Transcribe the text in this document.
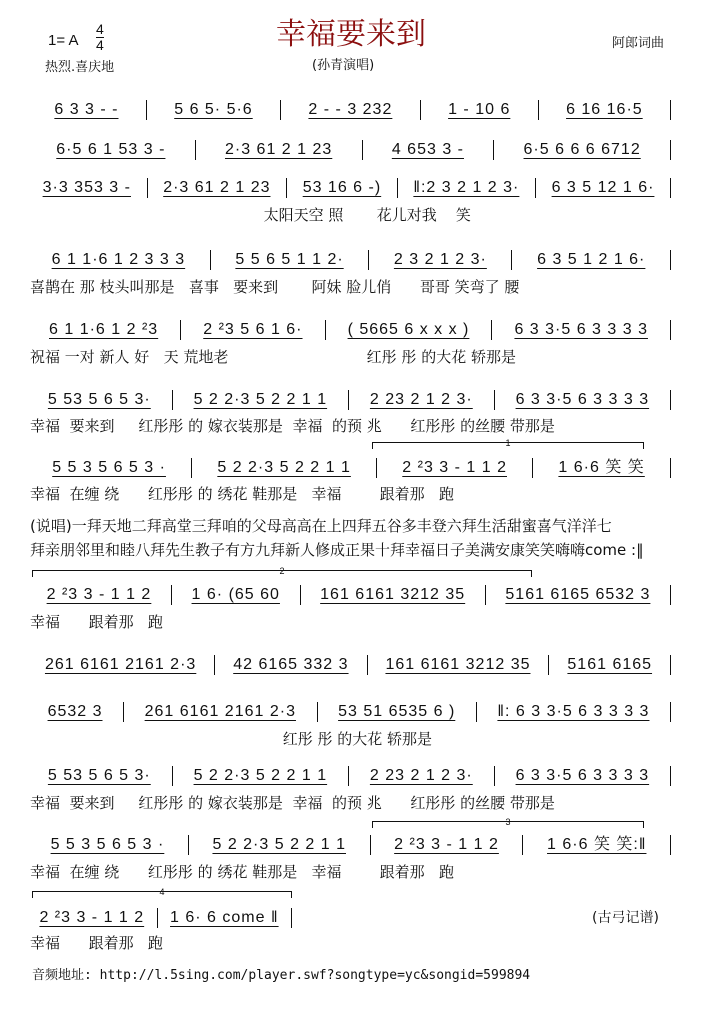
幸福要来到
1= A
4
4
热烈.喜庆地	(孙青演唱)
阿郎词曲
6 3 3 - -	5 6 5· 5·6	2 - - 3 232	1 - 10 6	6 16 16·5
6·5 6 1 53 3 -	2·3 61 2 1 23	4 653 3 -	6·5 6 6 6 6712
3·3 353 3 -	2·3 61 2 1 23	53 16 6 -)	‖:2 3 2 1 2 3·	6 3 5 12 1 6·
太阳天空 照       花儿对我    笑
6 1 1·6 1 2 3 3 3	5 5 6 5 1 1 2·	2 3 2 1 2 3·	6 3 5 1 2 1 6·
喜鹊在 那 枝头叫那是   喜事   要来到       阿妹 脸儿俏      哥哥 笑弯了 腰
6 1 1·6 1 2 ²3	2 ²3 5 6 1 6·	( 5665 6 x x x )	6 3 3·5 6 3 3 3 3
祝福 一对 新人 好   天 荒地老                             红彤 彤 的大花 轿那是
5 53 5 6 5 3·	5 2 2·3 5 2 2 1 1	2 23 2 1 2 3·	6 3 3·5 6 3 3 3 3
幸福  要来到     红彤彤 的 嫁衣装那是  幸福  的预 兆      红彤彤 的丝腰 带那是
5 5 3 5 6 5 3 ·	5 2 2·3 5 2 2 1 1	2 ²3 3 - 1 1 2	1 6·6 笑 笑
幸福  在缠 绕      红彤彤 的 绣花 鞋那是   幸福        跟着那   跑
2 ²3 3 - 1 1 2	1 6· (65 60	161 6161 3212 35	5161 6165 6532 3
幸福      跟着那   跑
261 6161 2161 2·3	42 6165 332 3	161 6161 3212 35	5161 6165
6532 3	261 6161 2161 2·3	53 51 6535 6 )	‖: 6 3 3·5 6 3 3 3 3
红彤 彤 的大花 轿那是
5 53 5 6 5 3·	5 2 2·3 5 2 2 1 1	2 23 2 1 2 3·	6 3 3·5 6 3 3 3 3
幸福  要来到     红彤彤 的 嫁衣装那是  幸福  的预 兆      红彤彤 的丝腰 带那是
5 5 3 5 6 5 3 ·	5 2 2·3 5 2 2 1 1	2 ²3 3 - 1 1 2	1 6·6 笑 笑:‖
幸福  在缠 绕      红彤彤 的 绣花 鞋那是   幸福        跟着那   跑
2 ²3 3 - 1 1 2	1 6· 6 come ‖
幸福      跟着那   跑
(说唱)一拜天地二拜高堂三拜咱的父母高高在上四拜五谷多丰登六拜生活甜蜜喜气洋洋七
拜亲朋邻里和睦八拜先生教子有方九拜新人修成正果十拜幸福日子美满安康笑笑嗨嗨come :‖
1
2
3
4
(古弓记谱)
音频地址: http://l.5sing.com/player.swf?songtype=yc&songid=599894
